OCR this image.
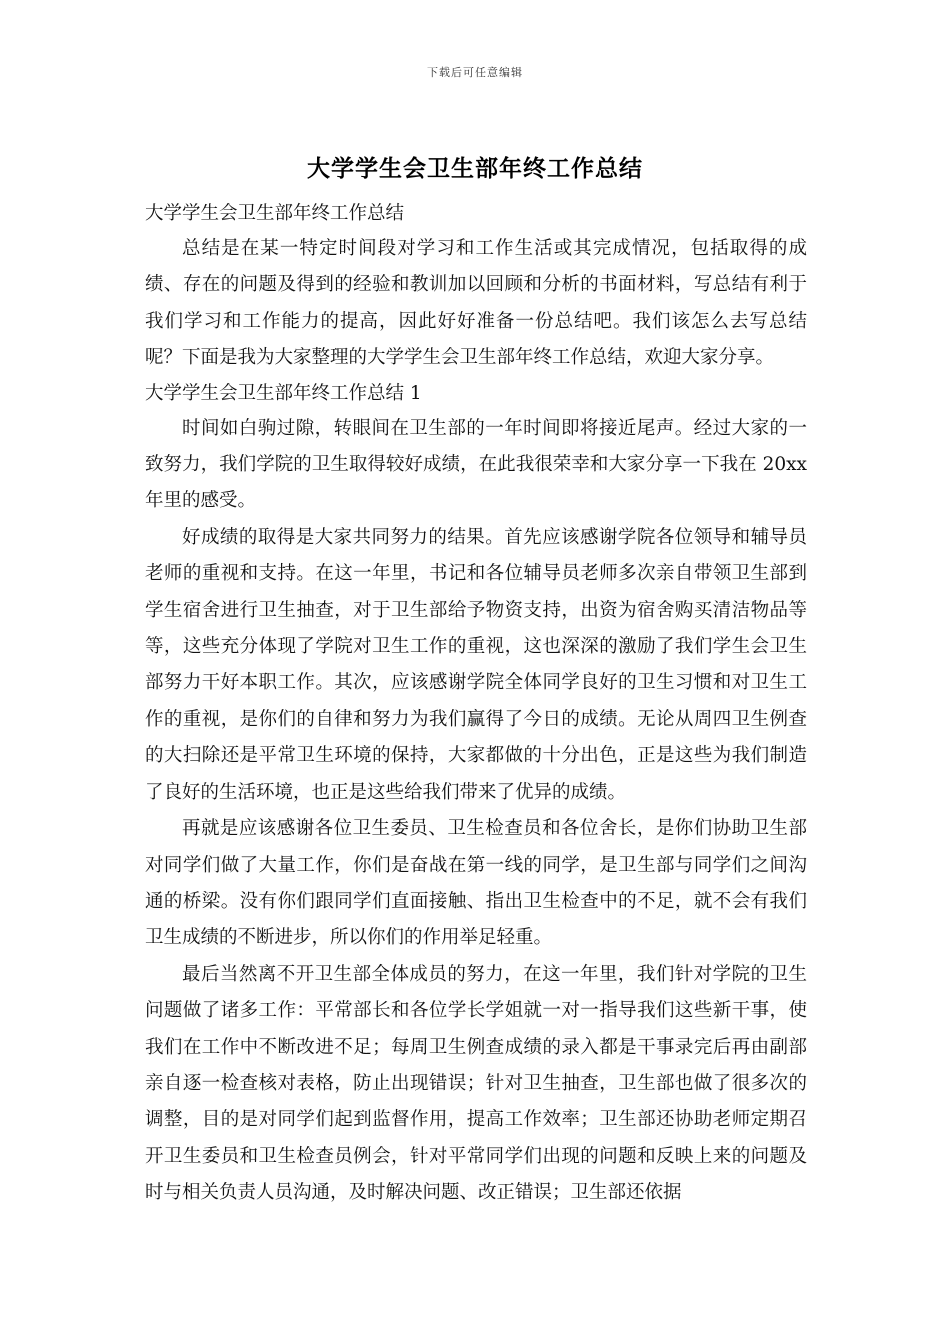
下载后可任意编辑
大学学生会卫生部年终工作总结

大学学生会卫生部年终工作总结

总结是在某一特定时间段对学习和工作生活或其完成情况，包括取得的成绩、存在的问题及得到的经验和教训加以回顾和分析的书面材料，写总结有利于我们学习和工作能力的提高，因此好好准备一份总结吧。我们该怎么去写总结呢？下面是我为大家整理的大学学生会卫生部年终工作总结，欢迎大家分享。

大学学生会卫生部年终工作总结 1

时间如白驹过隙，转眼间在卫生部的一年时间即将接近尾声。经过大家的一致努力，我们学院的卫生取得较好成绩，在此我很荣幸和大家分享一下我在 20xx 年里的感受。

好成绩的取得是大家共同努力的结果。首先应该感谢学院各位领导和辅导员老师的重视和支持。在这一年里，书记和各位辅导员老师多次亲自带领卫生部到学生宿舍进行卫生抽查，对于卫生部给予物资支持，出资为宿舍购买清洁物品等等，这些充分体现了学院对卫生工作的重视，这也深深的激励了我们学生会卫生部努力干好本职工作。其次，应该感谢学院全体同学良好的卫生习惯和对卫生工作的重视，是你们的自律和努力为我们赢得了今日的成绩。无论从周四卫生例查的大扫除还是平常卫生环境的保持，大家都做的十分出色，正是这些为我们制造了良好的生活环境，也正是这些给我们带来了优异的成绩。

再就是应该感谢各位卫生委员、卫生检查员和各位舍长，是你们协助卫生部对同学们做了大量工作，你们是奋战在第一线的同学，是卫生部与同学们之间沟通的桥梁。没有你们跟同学们直面接触、指出卫生检查中的不足，就不会有我们卫生成绩的不断进步，所以你们的作用举足轻重。

最后当然离不开卫生部全体成员的努力，在这一年里，我们针对学院的卫生问题做了诸多工作：平常部长和各位学长学姐就一对一指导我们这些新干事，使我们在工作中不断改进不足；每周卫生例查成绩的录入都是干事录完后再由副部亲自逐一检查核对表格，防止出现错误；针对卫生抽查，卫生部也做了很多次的调整，目的是对同学们起到监督作用，提高工作效率；卫生部还协助老师定期召开卫生委员和卫生检查员例会，针对平常同学们出现的问题和反映上来的问题及时与相关负责人员沟通，及时解决问题、改正错误；卫生部还依据
